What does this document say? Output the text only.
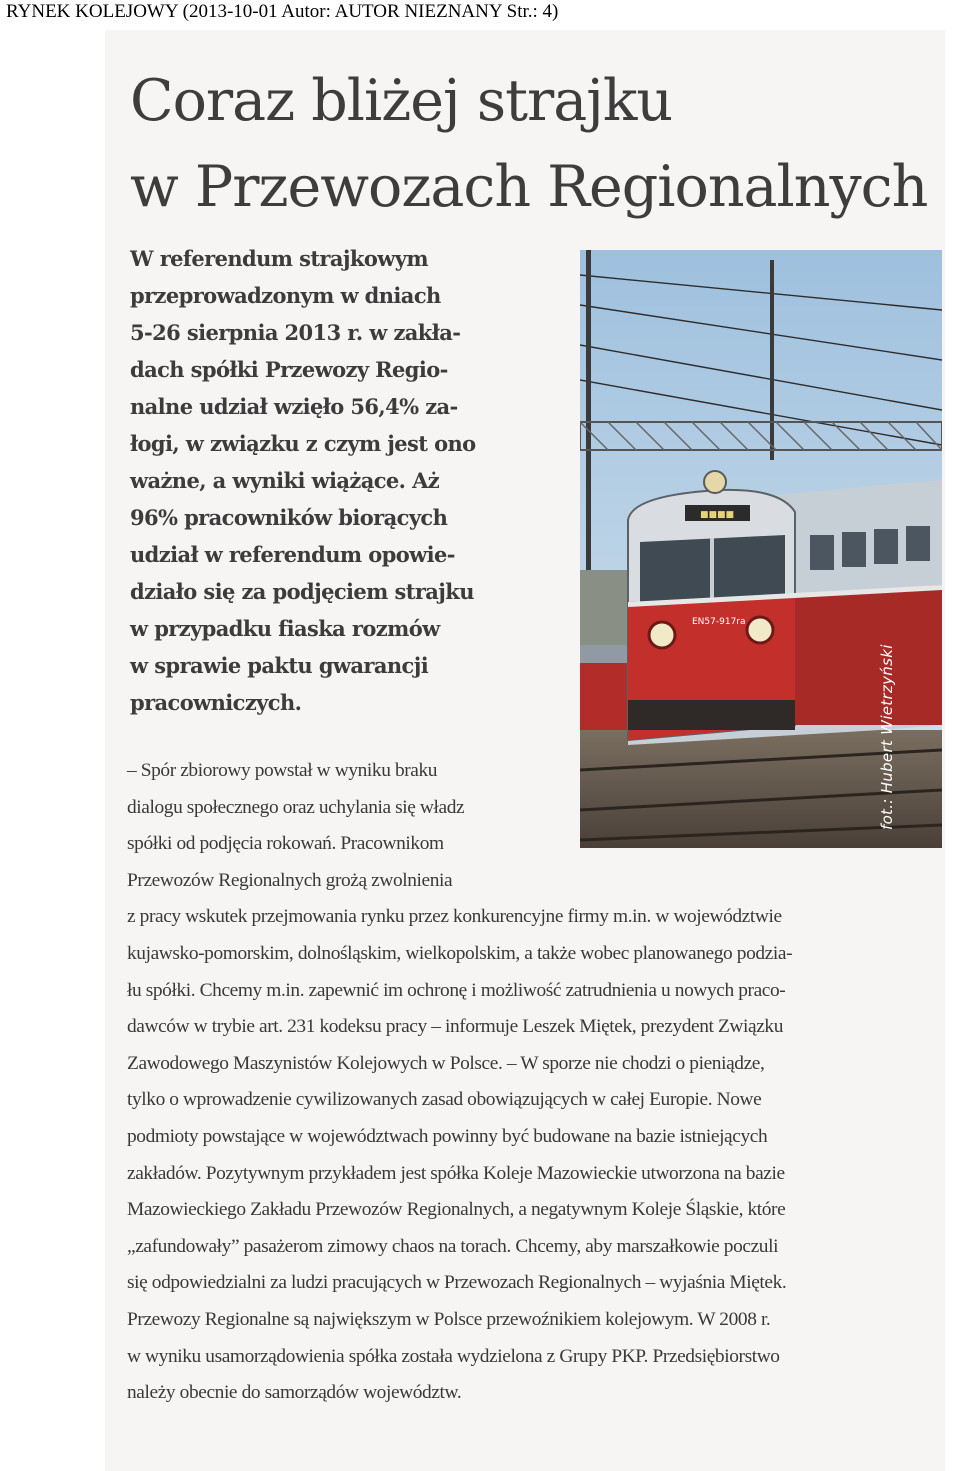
RYNEK KOLEJOWY (2013-10-01 Autor: AUTOR NIEZNANY Str.: 4)
Coraz bliżej strajku
w Przewozach Regionalnych
W referendum strajkowym
przeprowadzonym w dniach
5-26 sierpnia 2013 r. w zakła-
dach spółki Przewozy Regio-
nalne udział wzięło 56,4% za-
łogi, w związku z czym jest ono
ważne, a wyniki wiążące. Aż
96% pracowników biorących
udział w referendum opowie-
działo się za podjęciem strajku
w przypadku fiaska rozmów
w sprawie paktu gwarancji
pracowniczych.
■■■■
EN57-917ra
fot.: Hubert Wietrzyński
– Spór zbiorowy powstał w wyniku braku
dialogu społecznego oraz uchylania się władz
spółki od podjęcia rokowań. Pracownikom
Przewozów Regionalnych grożą zwolnienia
z pracy wskutek przejmowania rynku przez konkurencyjne firmy m.in. w województwie
kujawsko-pomorskim, dolnośląskim, wielkopolskim, a także wobec planowanego podzia-
łu spółki. Chcemy m.in. zapewnić im ochronę i możliwość zatrudnienia u nowych praco-
dawców w trybie art. 231 kodeksu pracy – informuje Leszek Miętek, prezydent Związku
Zawodowego Maszynistów Kolejowych w Polsce. – W sporze nie chodzi o pieniądze,
tylko o wprowadzenie cywilizowanych zasad obowiązujących w całej Europie. Nowe
podmioty powstające w województwach powinny być budowane na bazie istniejących
zakładów. Pozytywnym przykładem jest spółka Koleje Mazowieckie utworzona na bazie
Mazowieckiego Zakładu Przewozów Regionalnych, a negatywnym Koleje Śląskie, które
„zafundowały” pasażerom zimowy chaos na torach. Chcemy, aby marszałkowie poczuli
się odpowiedzialni za ludzi pracujących w Przewozach Regionalnych – wyjaśnia Miętek.
Przewozy Regionalne są największym w Polsce przewoźnikiem kolejowym. W 2008 r.
w wyniku usamorządowienia spółka została wydzielona z Grupy PKP. Przedsiębiorstwo
należy obecnie do samorządów województw.
